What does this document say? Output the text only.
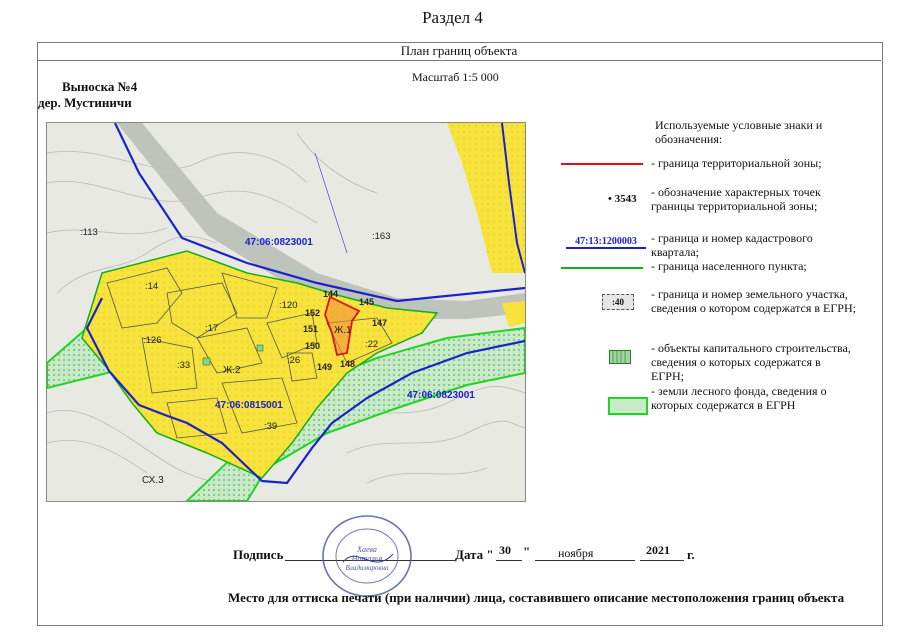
Раздел 4
План границ объекта
Выноска №4
дер. Мустиничи
Масштаб 1:5 000
47:06:0823001
47:06:0815001
47:06:0823001
:113	:163
:14
:120
:17
:126
:33	:26
:22
:39
144
145
152
151
150
149 148
147
Ж.1
Ж.2
СХ.3
Используемые условные знаки и обозначения:
- граница территориальной зоны;
• 3543 - обозначение характерных точек границы территориальной зоны;
47:13:1200003	- граница и номер кадастрового квартала;
- граница населенного пункта;
:40
- граница и номер земельного участка, сведения о котором содержатся в ЕГРН;
- объекты капитального строительства, сведения о которых содержатся в ЕГРН;
- земли лесного фонда, сведения о которых содержатся в ЕГРН
Подпись	Дата " 30 " ноября	2021 г.
Хаева
Наталья
Владимировна
Место для оттиска печати (при наличии) лица, составившего описание местоположения границ объекта
